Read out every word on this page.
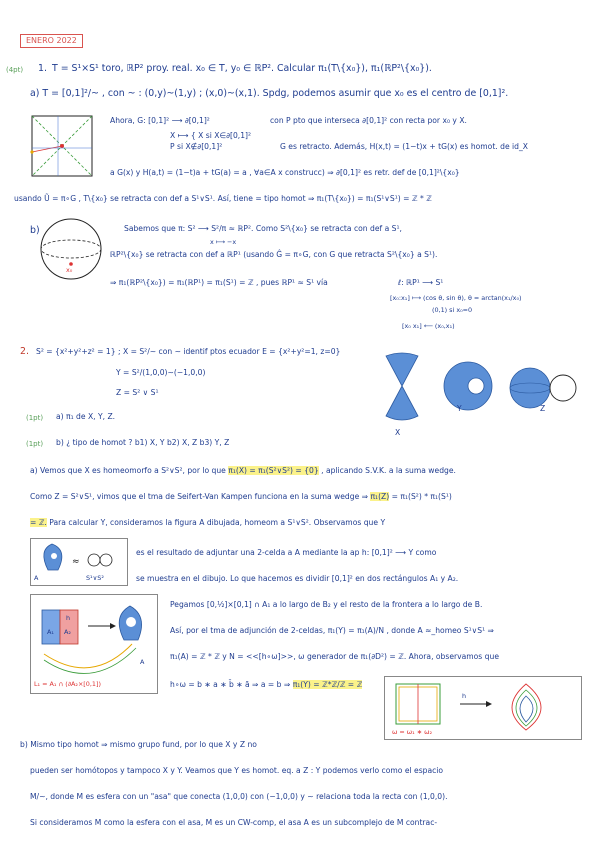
ENERO 2022
(4pt) 1. T = S¹×S¹ toro, ℝP² proy. real. x₀ ∈ T, y₀ ∈ ℝP². Calcular π₁(T\{x₀}), π₁(ℝP²\{x₀}).
a) T = [0,1]²/~ , con ~ : (0,y)~(1,y) ; (x,0)~(x,1). Spdg, podemos asumir que x₀ es el centro de [0,1]².
Ahora, G: [0,1]² ⟶ ∂[0,1]²	con P pto que interseca ∂[0,1]² con recta por x₀ y X.
X ⟼ { X si X∈∂[0,1]²
P si X∉∂[0,1]²	G es retracto. Además, H(x,t) = (1−t)x + tG(x) es homot. de id_X
a G(x) y H(a,t) = (1−t)a + tG(a) = a , ∀a∈A x construcc) ⇒ ∂[0,1]² es retr. def de [0,1]²\{x₀}
usando Ũ = π∘G , T\{x₀} se retracta con def a S¹∨S¹. Así, tiene = tipo homot ⇒ π₁(T\{x₀}) = π₁(S¹∨S¹) = ℤ * ℤ
b)
x₀
Sabemos que π: S² ⟶ S²/π ≈ ℝP². Como S²\{x₀} se retracta con def a S¹,
x ⟼ −x
ℝP²\{x₀} se retracta con def a ℝP¹ (usando Ĝ = π∘G, con G que retracta S²\{x₀} a S¹).
⇒ π₁(ℝP²\{x₀}) = π₁(ℝP¹) = π₁(S¹) = ℤ , pues ℝP¹ ≈ S¹ vía	ℓ: ℝP¹ ⟶ S¹
[x₀:x₁] ⟼ (cos θ, sin θ), θ = arctan(x₁/x₀)
(0,1) si x₀=0
[x₀ x₁] ⟵ (x₀,x₁)
2. S² = {x²+y²+z² = 1} ; X = S²/~ con ~ identif ptos ecuador E = {x²+y²=1, z=0}
Y = S²/(1,0,0)~(−1,0,0)
Z = S² ∨ S¹
X
Y	Z
(1pt) a) π₁ de X, Y, Z.
(1pt) b) ¿ tipo de homot ? b1) X, Y b2) X, Z b3) Y, Z
a) Vemos que X es homeomorfo a S²∨S², por lo que π₁(X) = π₁(S²∨S²) = {0} , aplicando S.V.K. a la suma wedge.
Como Z = S²∨S¹, vimos que el tma de Seifert-Van Kampen funciona en la suma wedge ⇒ π₁(Z) = π₁(S²) * π₁(S¹)
= ℤ. Para calcular Y, consideramos la figura A dibujada, homeom a S¹∨S². Observamos que Y
≈
A	S¹∨S²
es el resultado de adjuntar una 2-celda a A mediante la ap h: [0,1]² ⟶ Y como
se muestra en el dibujo. Lo que hacemos es dividir [0,1]² en dos rectángulos A₁ y A₂.
h
A
A₁ A₂
L₁ = A₁ ∩ (∂A₂×[0,1])
Pegamos [0,½]×[0,1] ∩ A₁ a lo largo de B₂ y el resto de la frontera a lo largo de B.
Así, por el tma de adjunción de 2-celdas, π₁(Y) = π₁(A)/N , donde A ≈_homeo S¹∨S¹ ⇒
π₁(A) = ℤ * ℤ y N = <<[h∘ω]>>, ω generador de π₁(∂D²) = ℤ. Ahora, observamos que
h∘ω = b ∗ a ∗ b̄ ∗ ā ⇒ a = b ⇒ π₁(Y) = ℤ*ℤ/ℤ = ℤ
h
ω = ω₁ ∗ ω₂
b) Mismo tipo homot ⇒ mismo grupo fund, por lo que X y Z no
pueden ser homótopos y tampoco X y Y. Veamos que Y es homot. eq. a Z : Y podemos verlo como el espacio
M/~, donde M es esfera con un "asa" que conecta (1,0,0) con (−1,0,0) y ~ relaciona toda la recta con (1,0,0).
Si consideramos M como la esfera con el asa, M es un CW-comp, el asa A es un subcomplejo de M contrac-
